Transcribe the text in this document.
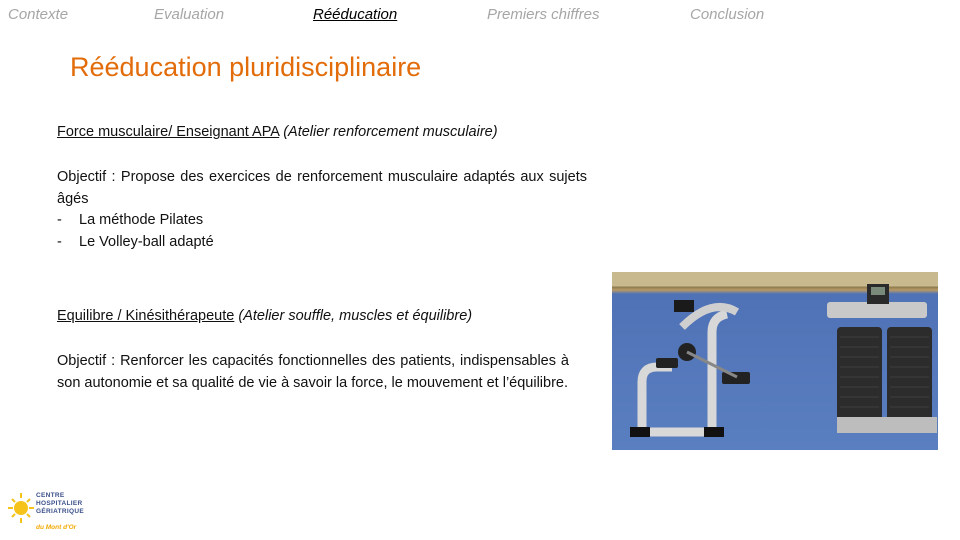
Contexte	Evaluation	Rééducation	Premiers chiffres	Conclusion
Rééducation pluridisciplinaire
Force musculaire/ Enseignant APA (Atelier renforcement musculaire)
Objectif : Propose des exercices de renforcement musculaire adaptés aux sujets âgés
- La méthode Pilates
- Le Volley-ball adapté
Equilibre / Kinésithérapeute (Atelier souffle, muscles et équilibre)
Objectif : Renforcer les capacités fonctionnelles des patients, indispensables à son autonomie et sa qualité de vie à savoir la force, le mouvement et l’équilibre.
CENTRE
HOSPITALIER
GÉRIATRIQUE
du Mont d'Or
